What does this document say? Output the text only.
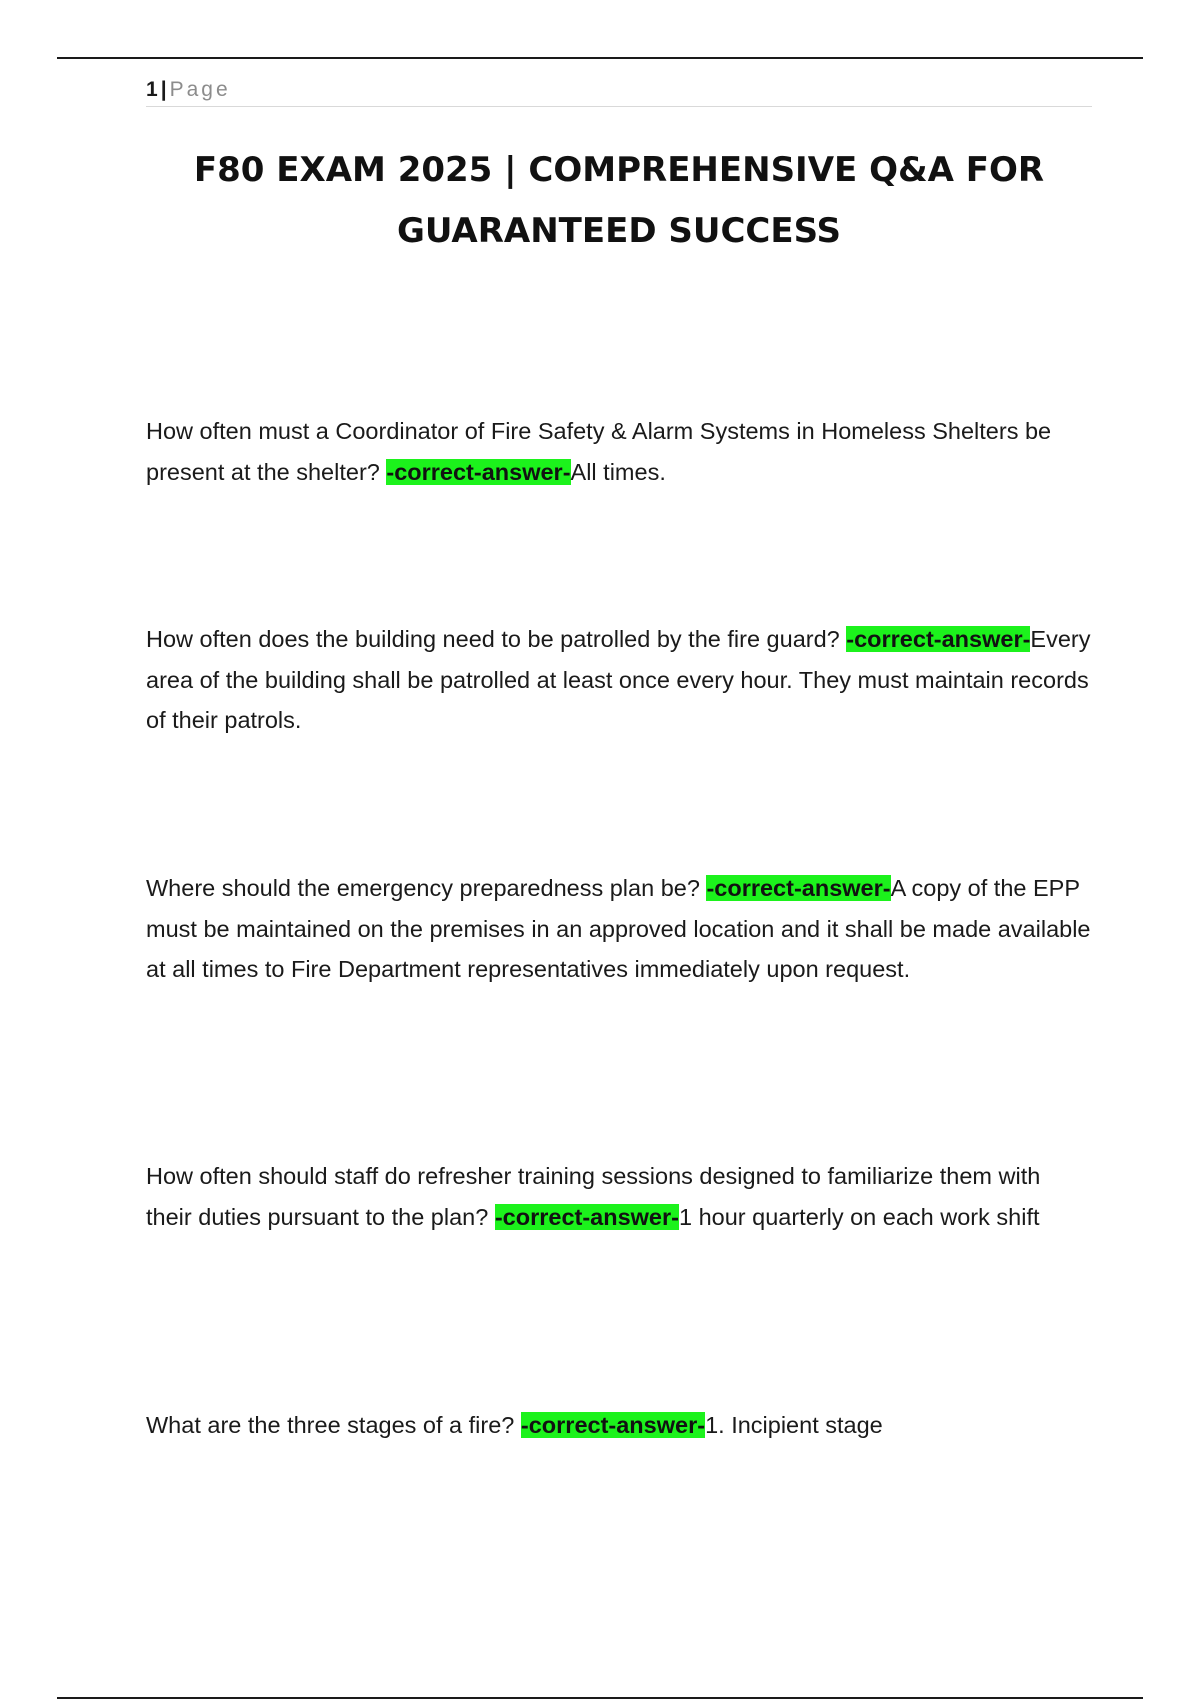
1 | Page
F80 EXAM 2025 | COMPREHENSIVE Q&A FOR GUARANTEED SUCCESS

How often must a Coordinator of Fire Safety & Alarm Systems in Homeless Shelters be present at the shelter? -correct-answer-All times.

How often does the building need to be patrolled by the fire guard? -correct-answer-Every area of the building shall be patrolled at least once every hour. They must maintain records of their patrols.

Where should the emergency preparedness plan be? -correct-answer-A copy of the EPP must be maintained on the premises in an approved location and it shall be made available at all times to Fire Department representatives immediately upon request.

How often should staff do refresher training sessions designed to familiarize them with their duties pursuant to the plan? -correct-answer-1 hour quarterly on each work shift

What are the three stages of a fire? -correct-answer-1. Incipient stage
